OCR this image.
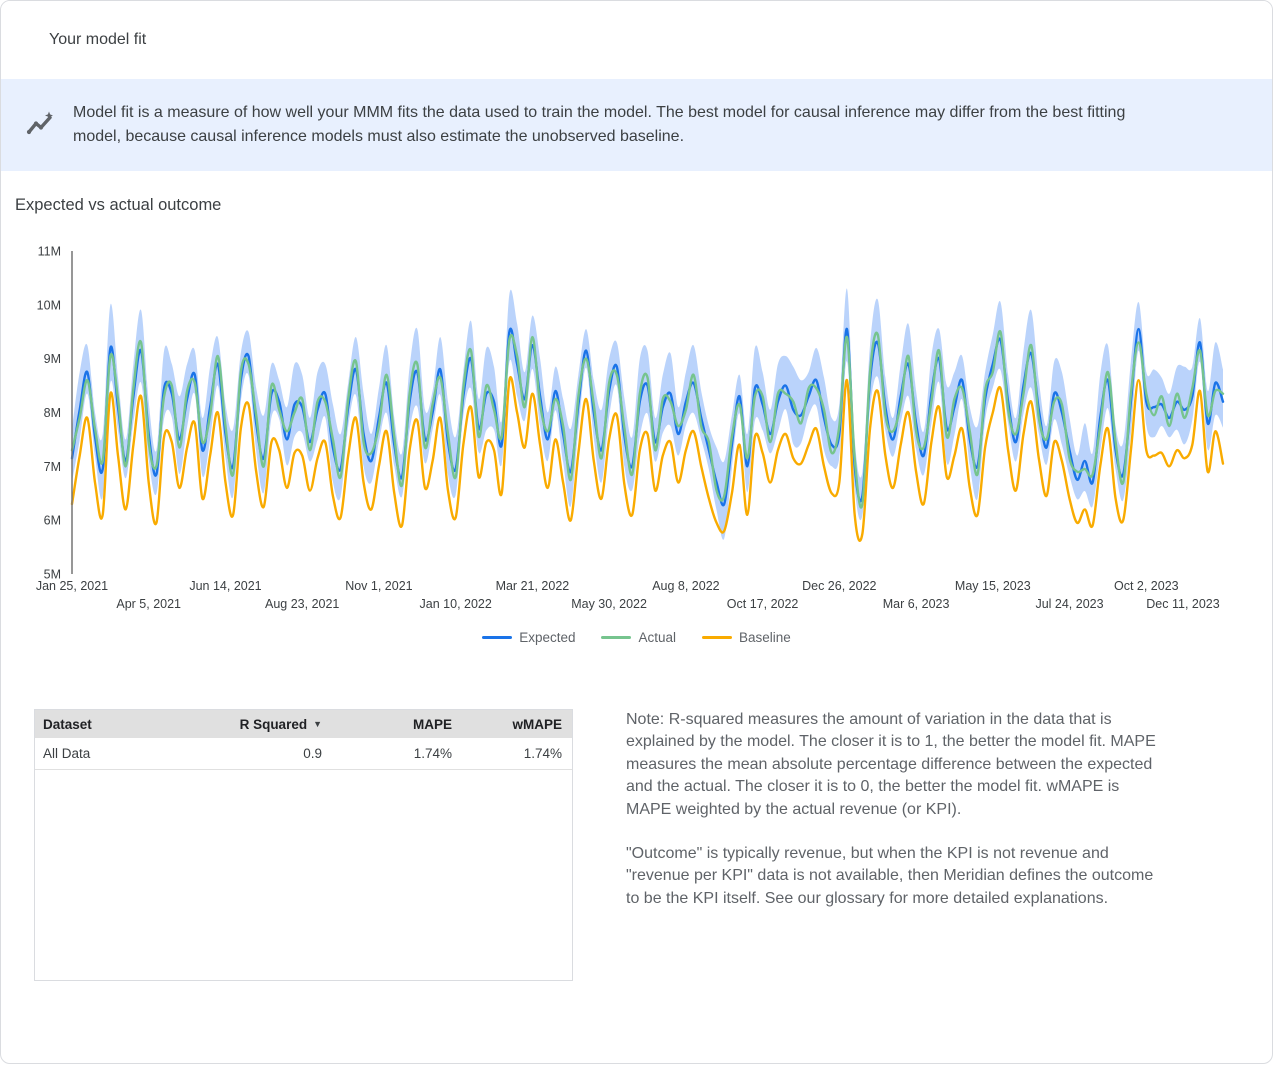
Your model fit

Model fit is a measure of how well your MMM fits the data used to train the model. The best model for causal inference may differ from the best fitting model, because causal inference models must also estimate the unobserved baseline.

Expected vs actual outcome
11M
10M
9M
8M
7M
6M
5M
Jan 25, 2021
Apr 5, 2021
Jun 14, 2021
Aug 23, 2021
Nov 1, 2021
Jan 10, 2022
Mar 21, 2022
May 30, 2022
Aug 8, 2022
Oct 17, 2022
Dec 26, 2022
Mar 6, 2023
May 15, 2023
Jul 24, 2023
Oct 2, 2023
Dec 11, 2023
Expected	Actual	Baseline
Dataset	R Squared ▼	MAPE	wMAPE
All Data	0.9	1.74%	1.74%

Note: R-squared measures the amount of variation in the data that is explained by the model. The closer it is to 1, the better the model fit. MAPE measures the mean absolute percentage difference between the expected and the actual. The closer it is to 0, the better the model fit. wMAPE is MAPE weighted by the actual revenue (or KPI).

"Outcome" is typically revenue, but when the KPI is not revenue and "revenue per KPI" data is not available, then Meridian defines the outcome to be the KPI itself. See our glossary for more detailed explanations.
